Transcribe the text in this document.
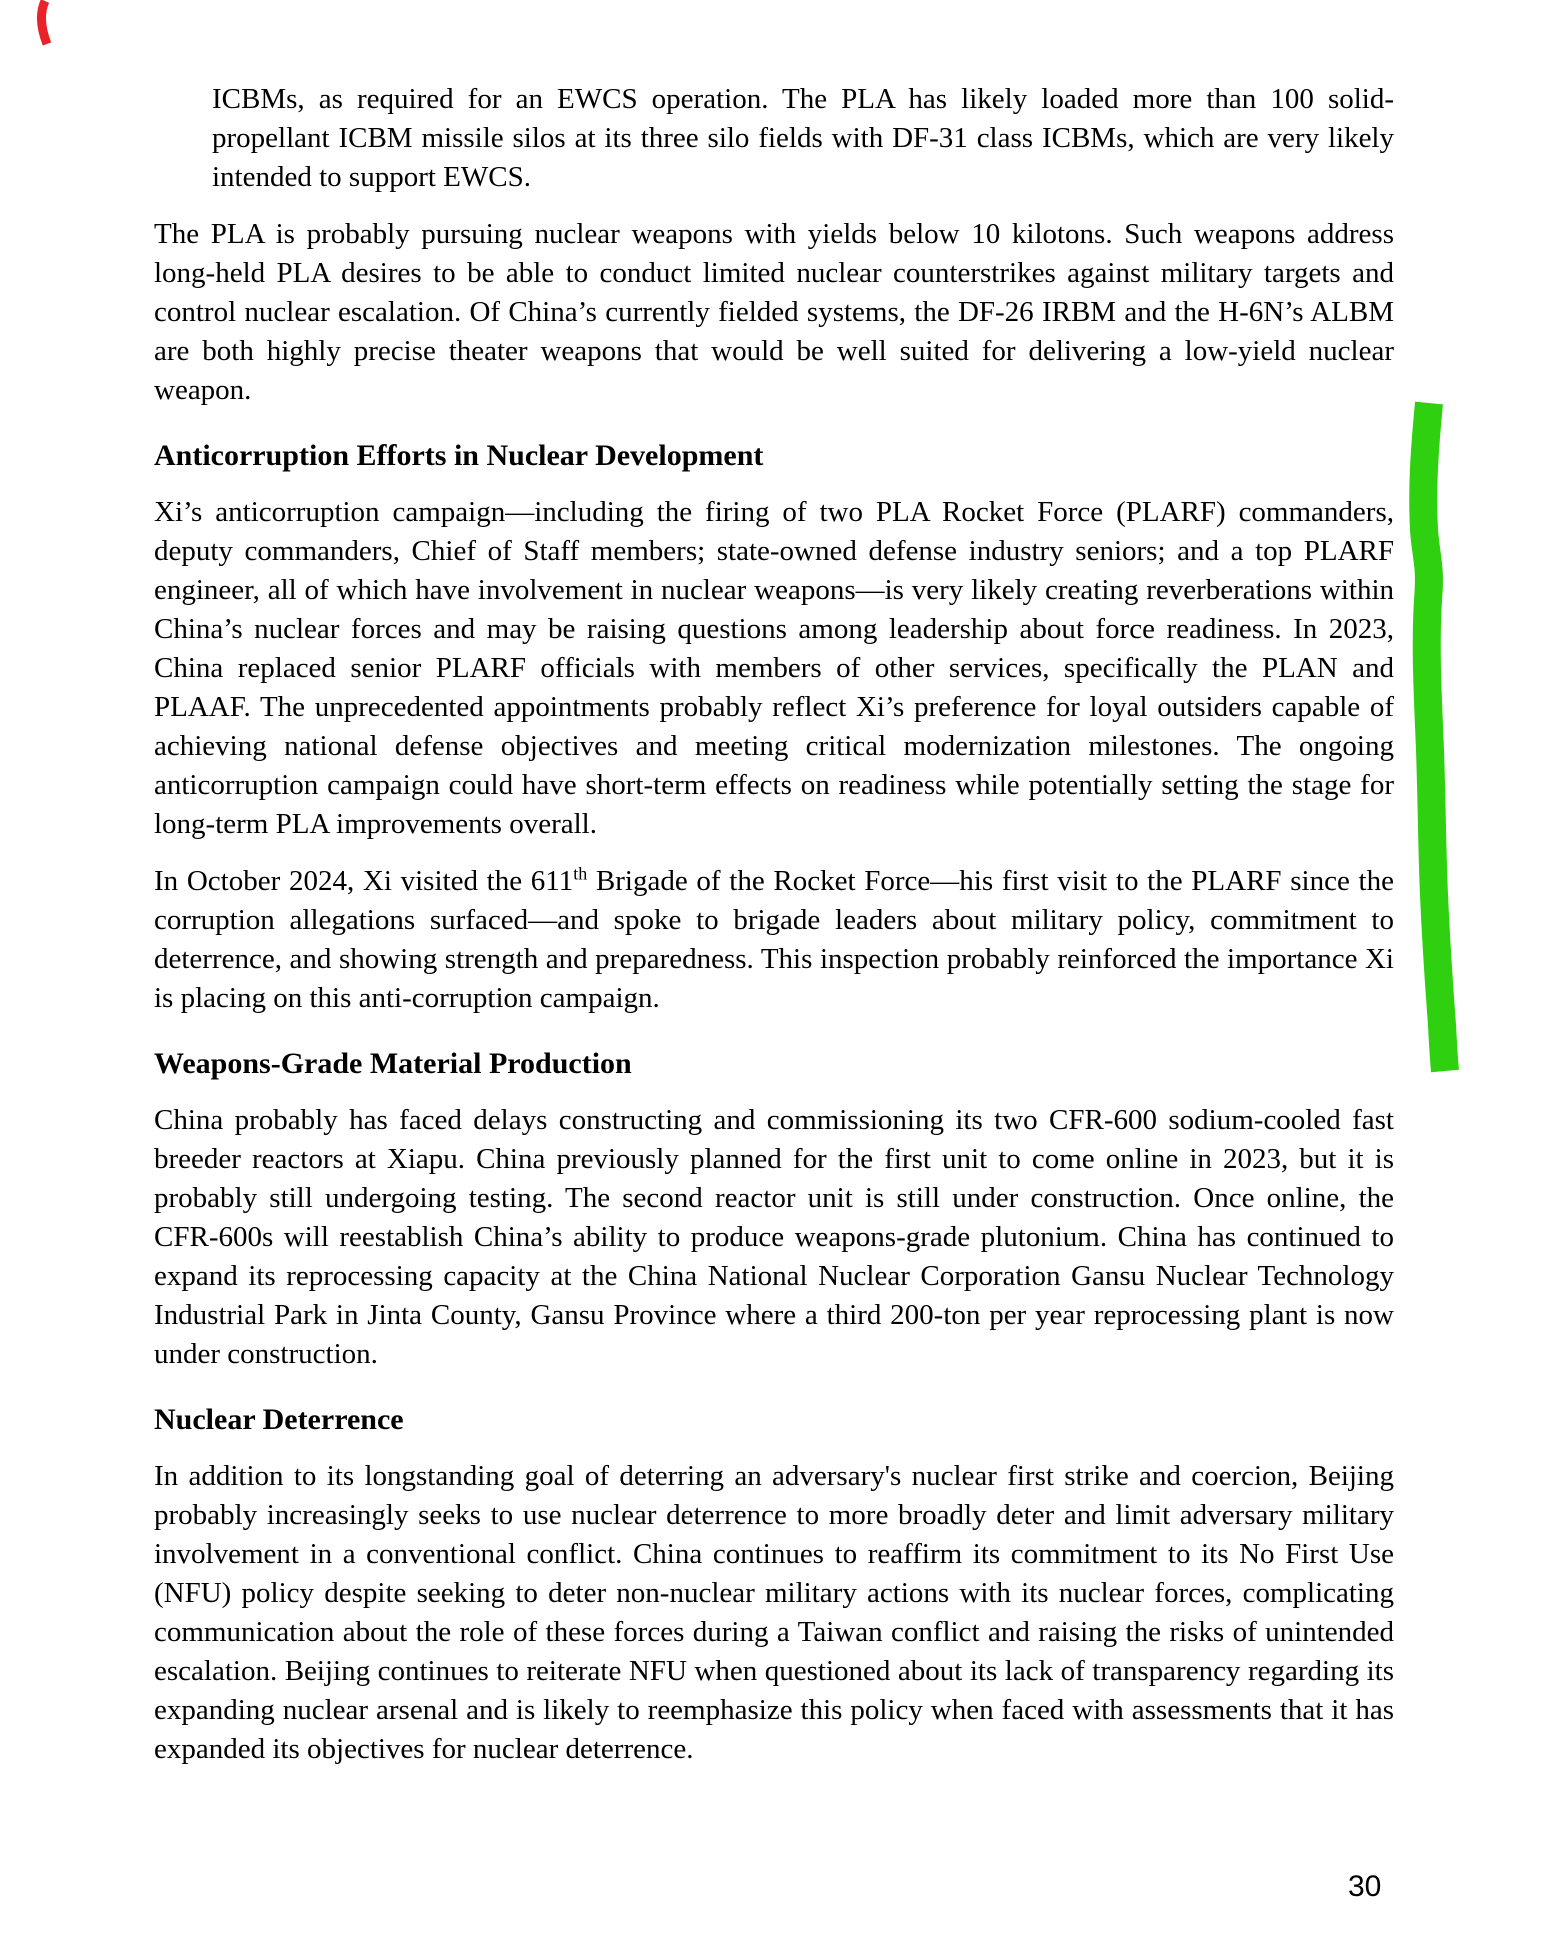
ICBMs, as required for an EWCS operation. The PLA has likely loaded more than 100 solid-propellant ICBM missile silos at its three silo fields with DF-31 class ICBMs, which are very likely intended to support EWCS.

The PLA is probably pursuing nuclear weapons with yields below 10 kilotons. Such weapons address long-held PLA desires to be able to conduct limited nuclear counterstrikes against military targets and control nuclear escalation. Of China’s currently fielded systems, the DF-26 IRBM and the H-6N’s ALBM are both highly precise theater weapons that would be well suited for delivering a low-yield nuclear weapon.

Anticorruption Efforts in Nuclear Development

Xi’s anticorruption campaign—including the firing of two PLA Rocket Force (PLARF) commanders, deputy commanders, Chief of Staff members; state-owned defense industry seniors; and a top PLARF engineer, all of which have involvement in nuclear weapons—is very likely creating reverberations within China’s nuclear forces and may be raising questions among leadership about force readiness. In 2023, China replaced senior PLARF officials with members of other services, specifically the PLAN and PLAAF. The unprecedented appointments probably reflect Xi’s preference for loyal outsiders capable of achieving national defense objectives and meeting critical modernization milestones. The ongoing anticorruption campaign could have short-term effects on readiness while potentially setting the stage for long-term PLA improvements overall.

In October 2024, Xi visited the 611th Brigade of the Rocket Force—his first visit to the PLARF since the corruption allegations surfaced—and spoke to brigade leaders about military policy, commitment to deterrence, and showing strength and preparedness. This inspection probably reinforced the importance Xi is placing on this anti-corruption campaign.

Weapons-Grade Material Production

China probably has faced delays constructing and commissioning its two CFR-600 sodium-cooled fast breeder reactors at Xiapu. China previously planned for the first unit to come online in 2023, but it is probably still undergoing testing. The second reactor unit is still under construction. Once online, the CFR-600s will reestablish China’s ability to produce weapons-grade plutonium. China has continued to expand its reprocessing capacity at the China National Nuclear Corporation Gansu Nuclear Technology Industrial Park in Jinta County, Gansu Province where a third 200-ton per year reprocessing plant is now under construction.

Nuclear Deterrence

In addition to its longstanding goal of deterring an adversary's nuclear first strike and coercion, Beijing probably increasingly seeks to use nuclear deterrence to more broadly deter and limit adversary military involvement in a conventional conflict. China continues to reaffirm its commitment to its No First Use (NFU) policy despite seeking to deter non-nuclear military actions with its nuclear forces, complicating communication about the role of these forces during a Taiwan conflict and raising the risks of unintended escalation. Beijing continues to reiterate NFU when questioned about its lack of transparency regarding its expanding nuclear arsenal and is likely to reemphasize this policy when faced with assessments that it has expanded its objectives for nuclear deterrence.

30
